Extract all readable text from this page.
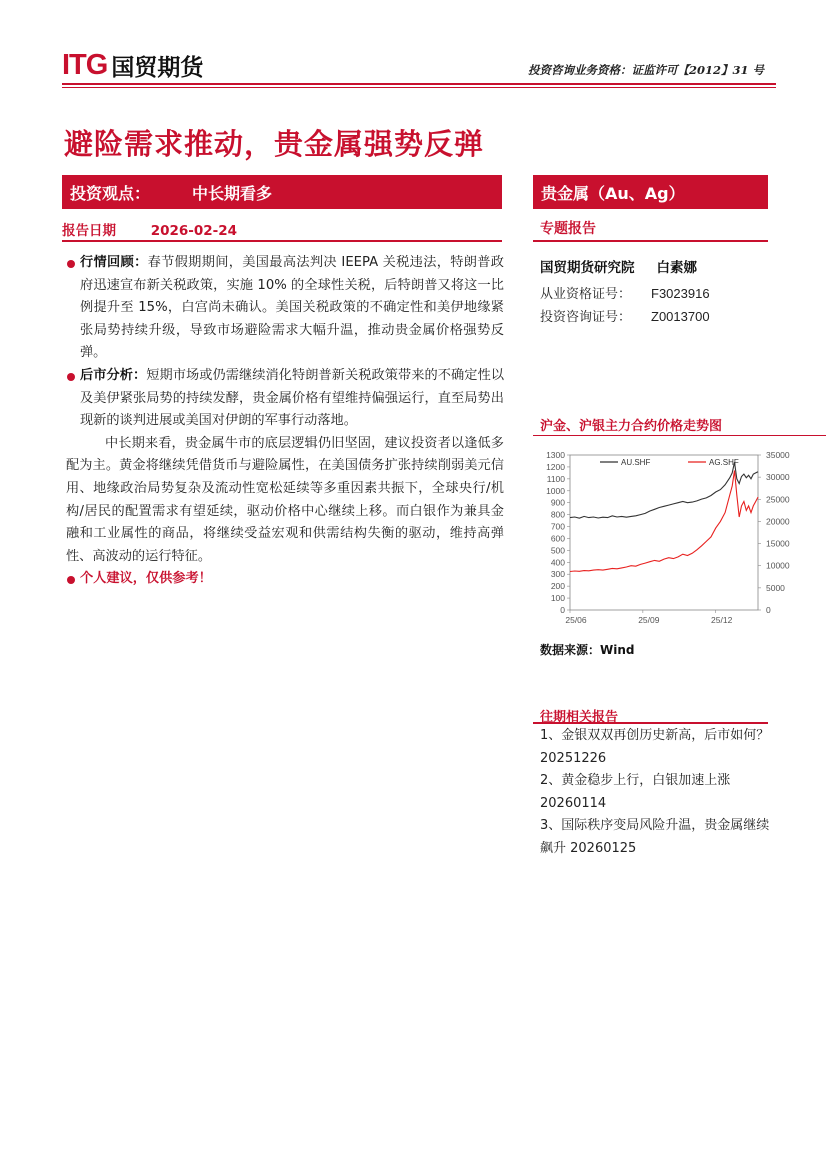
ITG 国贸期货	投资咨询业务资格：证监许可【2012】31 号
避险需求推动，贵金属强势反弹
投资观点：	中长期看多	贵金属（Au、Ag）
报告日期	2026-02-24

行情回顾：春节假期期间，美国最高法判决 IEEPA 关税违法，特朗普政府迅速宣布新关税政策，实施 10% 的全球性关税，后特朗普又将这一比例提升至 15%，白宫尚未确认。美国关税政策的不确定性和美伊地缘紧张局势持续升级，导致市场避险需求大幅升温，推动贵金属价格强势反弹。

后市分析：短期市场或仍需继续消化特朗普新关税政策带来的不确定性以及美伊紧张局势的持续发酵，贵金属价格有望维持偏强运行，直至局势出现新的谈判进展或美国对伊朗的军事行动落地。

中长期来看，贵金属牛市的底层逻辑仍旧坚固，建议投资者以逢低多配为主。黄金将继续凭借货币与避险属性，在美国债务扩张持续削弱美元信用、地缘政治局势复杂及流动性宽松延续等多重因素共振下，全球央行/机构/居民的配置需求有望延续，驱动价格中心继续上移。而白银作为兼具金融和工业属性的商品，将继续受益宏观和供需结构失衡的驱动，维持高弹性、高波动的运行特征。

个人建议，仅供参考！

专题报告
国贸期货研究院 白素娜
从业资格证号： F3023916
投资咨询证号： Z0013700
沪金、沪银主力合约价格走势图
0
100
200
300
400
500
600
700
800
900
1000
1100
1200
1300
0
5000
10000
15000
20000
25000
30000
35000
25/06	25/09	25/12
AU.SHF	AG.SHF
数据来源：Wind
往期相关报告

1、金银双双再创历史新高，后市如何？20251226

2、黄金稳步上行，白银加速上涨20260114

3、国际秩序变局风险升温，贵金属继续飙升 20260125
